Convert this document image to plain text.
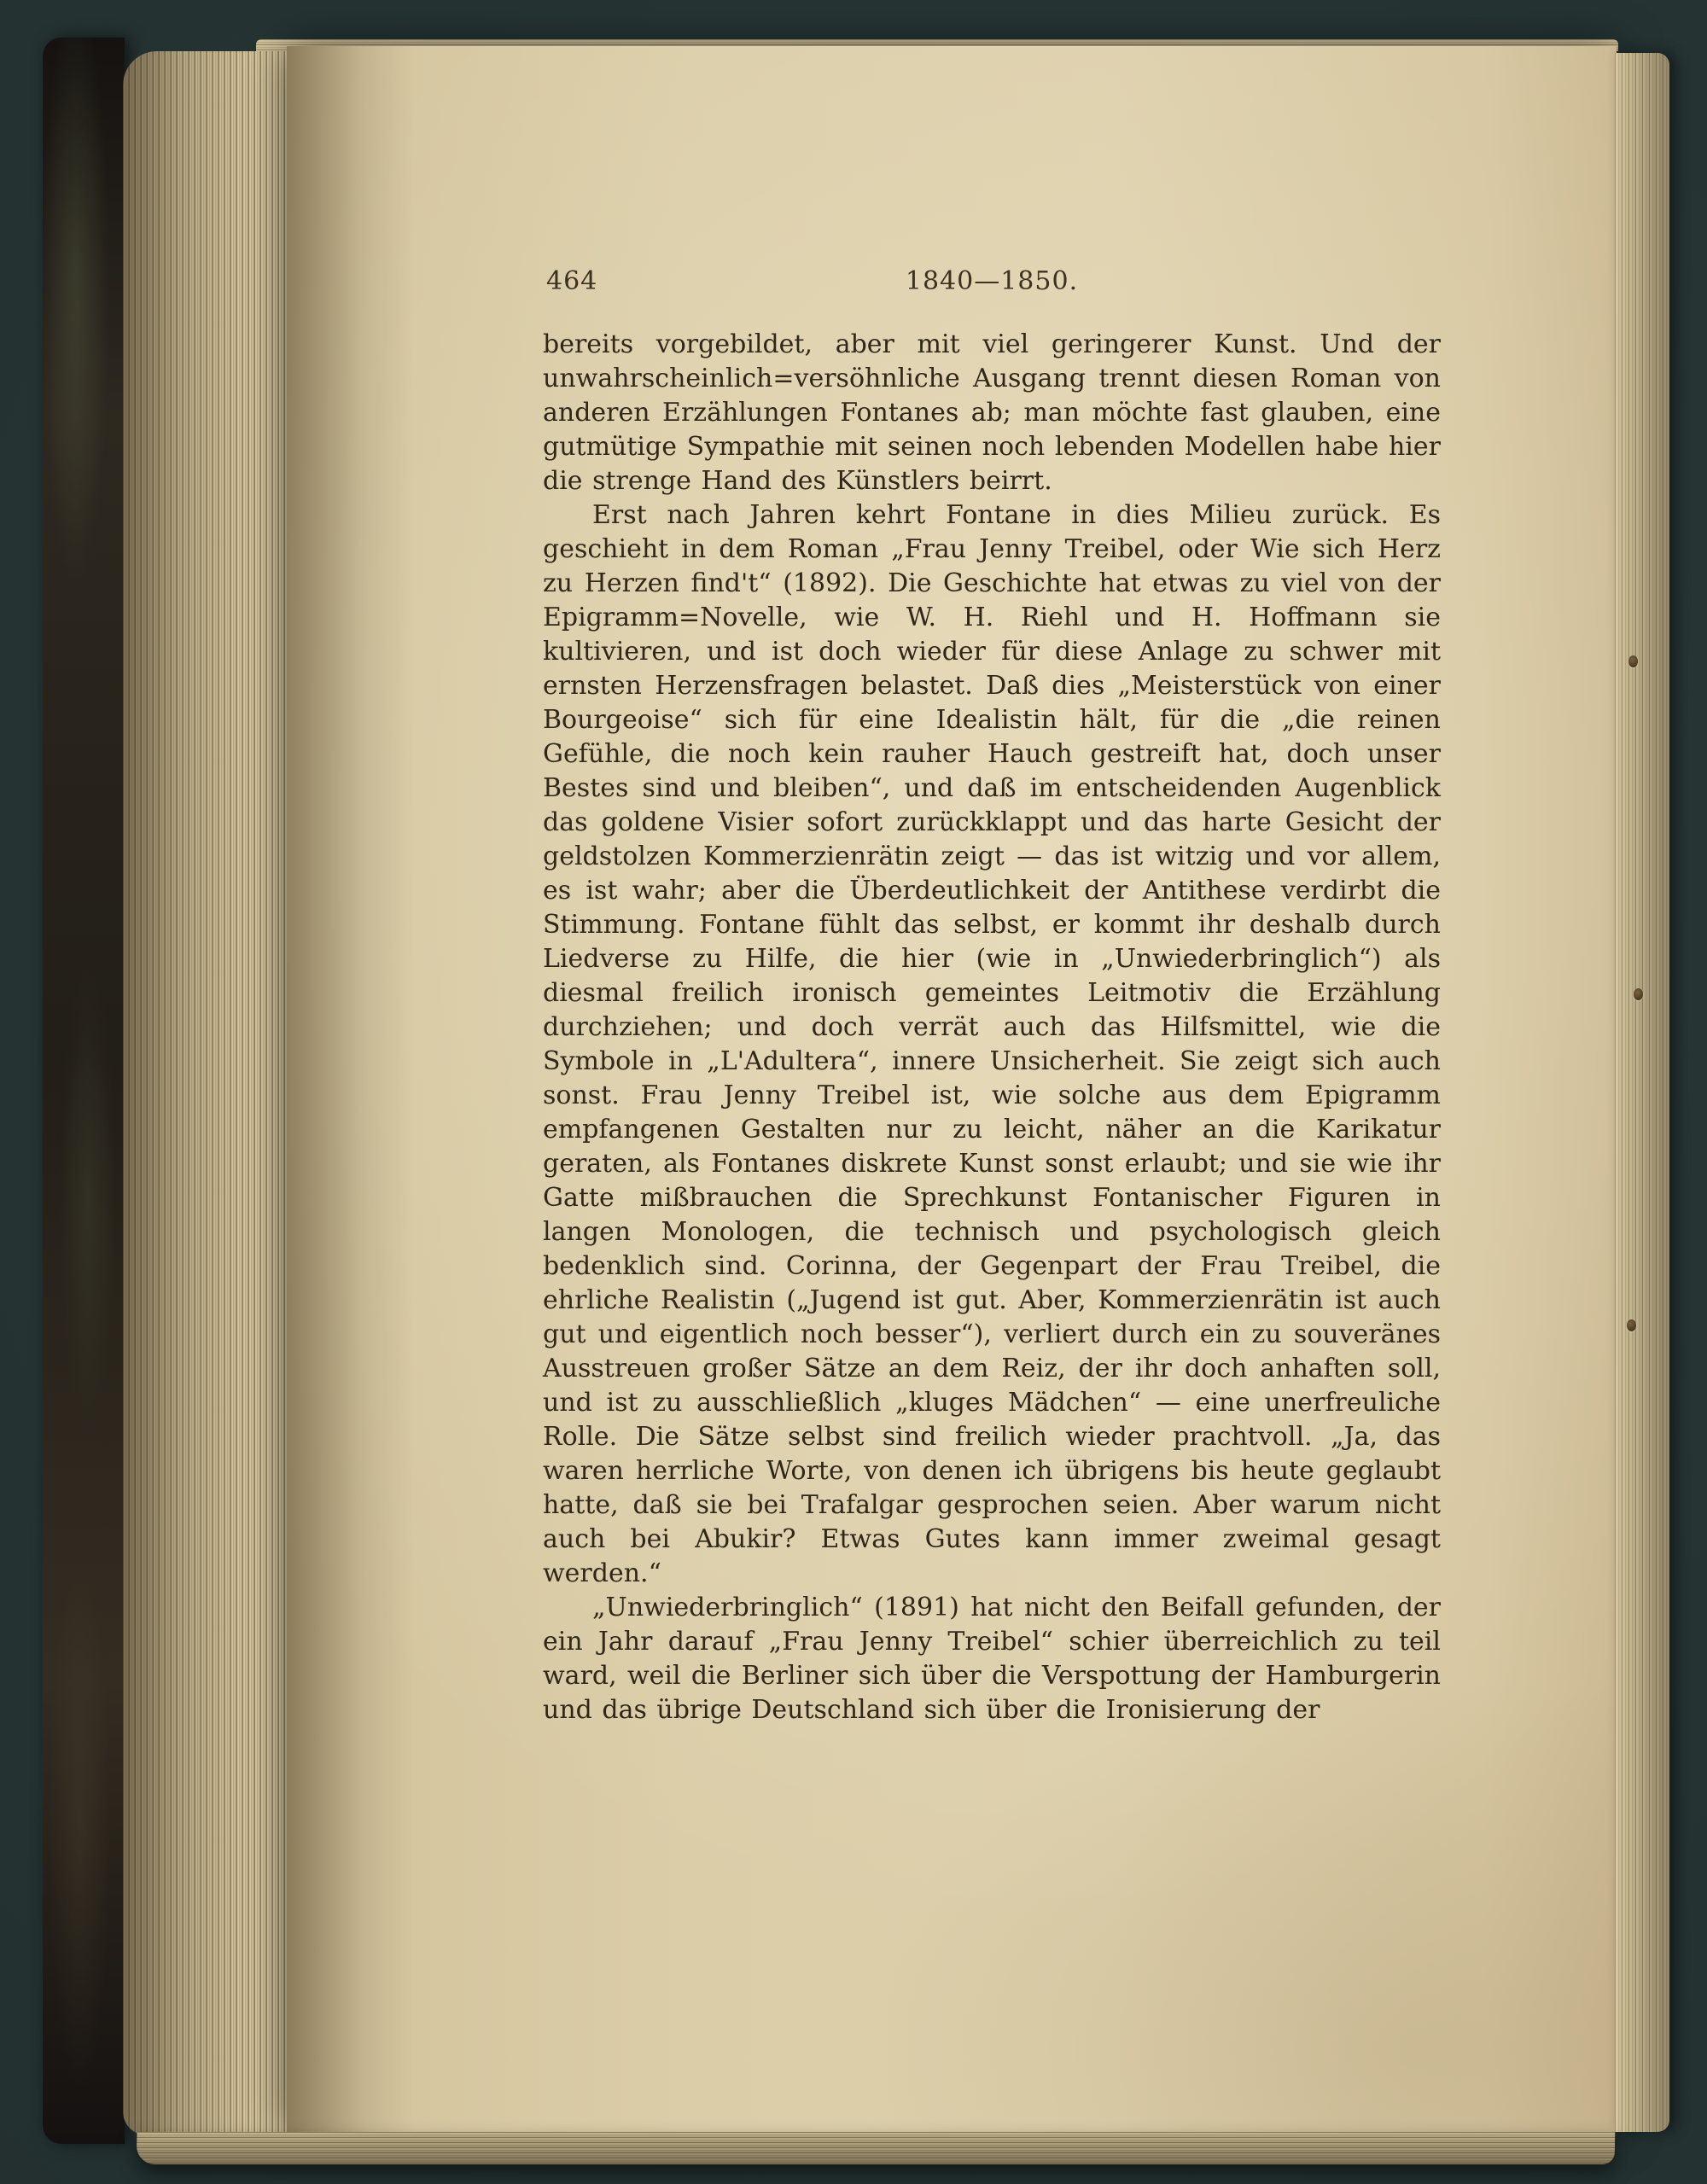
464	1840—1850.

bereits vorgebildet, aber mit viel geringerer Kunst. Und der unwahrscheinlich=versöhnliche Ausgang trennt diesen Roman von anderen Erzählungen Fontanes ab; man möchte fast glauben, eine gutmütige Sympathie mit seinen noch lebenden Modellen habe hier die strenge Hand des Künstlers beirrt.

Erst nach Jahren kehrt Fontane in dies Milieu zurück. Es geschieht in dem Roman „Frau Jenny Treibel, oder Wie sich Herz zu Herzen find't“ (1892). Die Geschichte hat etwas zu viel von der Epigramm=Novelle, wie W. H. Riehl und H. Hoffmann sie kultivieren, und ist doch wieder für diese Anlage zu schwer mit ernsten Herzensfragen belastet. Daß dies „Meisterstück von einer Bourgeoise“ sich für eine Idealistin hält, für die „die reinen Gefühle, die noch kein rauher Hauch gestreift hat, doch unser Bestes sind und bleiben“, und daß im entscheidenden Augenblick das goldene Visier sofort zurückklappt und das harte Gesicht der geldstolzen Kommerzienrätin zeigt — das ist witzig und vor allem, es ist wahr; aber die Überdeutlichkeit der Antithese verdirbt die Stimmung. Fontane fühlt das selbst, er kommt ihr deshalb durch Liedverse zu Hilfe, die hier (wie in „Unwiederbringlich“) als diesmal freilich ironisch gemeintes Leitmotiv die Erzählung durchziehen; und doch verrät auch das Hilfsmittel, wie die Symbole in „L'Adultera“, innere Unsicherheit. Sie zeigt sich auch sonst. Frau Jenny Treibel ist, wie solche aus dem Epigramm empfangenen Gestalten nur zu leicht, näher an die Karikatur geraten, als Fontanes diskrete Kunst sonst erlaubt; und sie wie ihr Gatte mißbrauchen die Sprechkunst Fontanischer Figuren in langen Monologen, die technisch und psychologisch gleich bedenklich sind. Corinna, der Gegenpart der Frau Treibel, die ehrliche Realistin („Jugend ist gut. Aber, Kommerzienrätin ist auch gut und eigentlich noch besser“), verliert durch ein zu souveränes Ausstreuen großer Sätze an dem Reiz, der ihr doch anhaften soll, und ist zu ausschließlich „kluges Mädchen“ — eine unerfreuliche Rolle. Die Sätze selbst sind freilich wieder prachtvoll. „Ja, das waren herrliche Worte, von denen ich übrigens bis heute geglaubt hatte, daß sie bei Trafalgar gesprochen seien. Aber warum nicht auch bei Abukir? Etwas Gutes kann immer zweimal gesagt werden.“

„Unwiederbringlich“ (1891) hat nicht den Beifall gefunden, der ein Jahr darauf „Frau Jenny Treibel“ schier überreichlich zu teil ward, weil die Berliner sich über die Verspottung der Hamburgerin und das übrige Deutschland sich über die Ironisierung der
